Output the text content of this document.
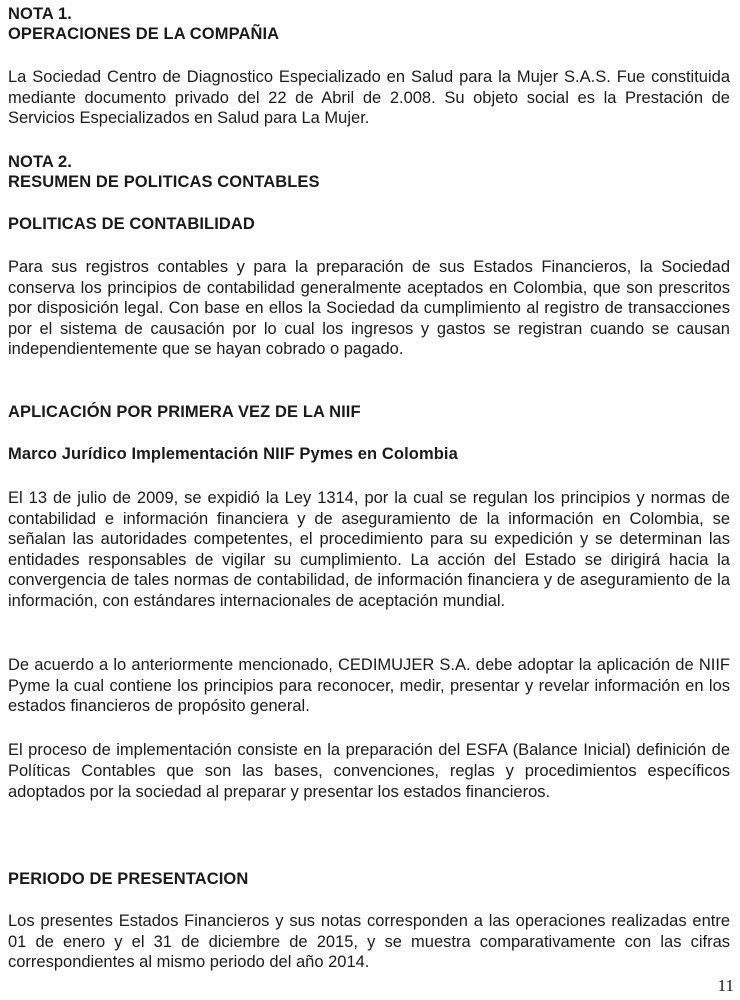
NOTA 1.
OPERACIONES DE LA COMPAÑIA

La Sociedad Centro de Diagnostico Especializado en Salud para la Mujer S.A.S. Fue constituida mediante documento privado del 22 de Abril de 2.008. Su objeto social es la Prestación de Servicios Especializados en Salud para La Mujer.

NOTA 2.
RESUMEN DE POLITICAS CONTABLES
POLITICAS DE CONTABILIDAD

Para sus registros contables y para la preparación de sus Estados Financieros, la Sociedad conserva los principios de contabilidad generalmente aceptados en Colombia, que son prescritos por disposición legal. Con base en ellos la Sociedad da cumplimiento al registro de transacciones por el sistema de causación por lo cual los ingresos y gastos se registran cuando se causan independientemente que se hayan cobrado o pagado.

APLICACIÓN POR PRIMERA VEZ DE LA NIIF
Marco Jurídico Implementación NIIF Pymes en Colombia

El 13 de julio de 2009, se expidió la Ley 1314, por la cual se regulan los principios y normas de contabilidad e información financiera y de aseguramiento de la información en Colombia, se señalan las autoridades competentes, el procedimiento para su expedición y se determinan las entidades responsables de vigilar su cumplimiento. La acción del Estado se dirigirá hacia la convergencia de tales normas de contabilidad, de información financiera y de aseguramiento de la información, con estándares internacionales de aceptación mundial.

De acuerdo a lo anteriormente mencionado, CEDIMUJER S.A. debe adoptar la aplicación de NIIF Pyme la cual contiene los principios para reconocer, medir, presentar y revelar información en los estados financieros de propósito general.

El proceso de implementación consiste en la preparación del ESFA (Balance Inicial) definición de Políticas Contables que son las bases, convenciones, reglas y procedimientos específicos adoptados por la sociedad al preparar y presentar los estados financieros.

PERIODO DE PRESENTACION

Los presentes Estados Financieros y sus notas corresponden a las operaciones realizadas entre 01 de enero y el 31 de diciembre de 2015, y se muestra comparativamente con las cifras correspondientes al mismo periodo del año 2014.

11
